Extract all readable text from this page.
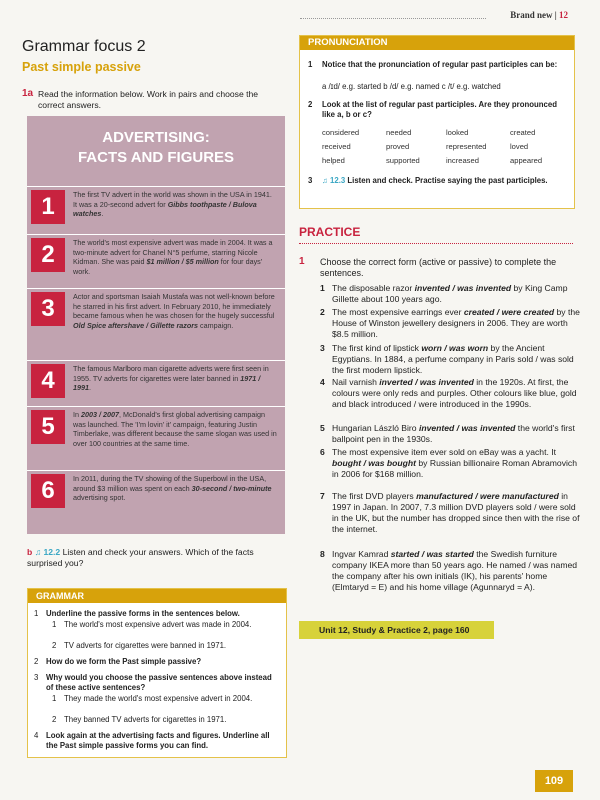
Brand new | 12
Grammar focus 2
Past simple passive
1a Read the information below. Work in pairs and choose the correct answers.
ADVERTISING:
FACTS AND FIGURES
1	The first TV advert in the world was shown in the USA in 1941. It was a 20-second advert for Gibbs toothpaste / Bulova watches.
2	The world's most expensive advert was made in 2004. It was a two-minute advert for Chanel N°5 perfume, starring Nicole Kidman. She was paid $1 million / $5 million for four days' work.
3	Actor and sportsman Isaiah Mustafa was not well-known before he starred in his first advert. In February 2010, he immediately became famous when he was chosen for the hugely successful Old Spice aftershave / Gillette razors campaign.
4	The famous Marlboro man cigarette adverts were first seen in 1955. TV adverts for cigarettes were later banned in 1971 / 1991.
5	In 2003 / 2007, McDonald's first global advertising campaign was launched. The 'I'm lovin' it' campaign, featuring Justin Timberlake, was different because the same slogan was used in over 100 countries at the same time.
6	In 2011, during the TV showing of the Superbowl in the USA, around $3 million was spent on each 30-second / two-minute advertising spot.
b ♫ 12.2 Listen and check your answers. Which of the facts surprised you?
GRAMMAR
1 Underline the passive forms in the sentences below.
1 The world's most expensive advert was made in 2004.
2 TV adverts for cigarettes were banned in 1971.
2 How do we form the Past simple passive?
3 Why would you choose the passive sentences above instead of these active sentences?
1 They made the world's most expensive advert in 2004.
2 They banned TV adverts for cigarettes in 1971.
4 Look again at the advertising facts and figures. Underline all the Past simple passive forms you can find.
PRONUNCIATION
1 Notice that the pronunciation of regular past participles can be:
a /ɪd/ e.g. started b /d/ e.g. named c /t/ e.g. watched
2 Look at the list of regular past participles. Are they pronounced like a, b or c?
considered	needed	looked	created
received	proved	represented	loved
helped	supported	increased	appeared
3 ♫ 12.3 Listen and check. Practise saying the past participles.
PRACTICE
1 Choose the correct form (active or passive) to complete the sentences.
1 The disposable razor invented / was invented by King Camp Gillette about 100 years ago.
2 The most expensive earrings ever created / were created by the House of Winston jewellery designers in 2006. They are worth $8.5 million.
3 The first kind of lipstick worn / was worn by the Ancient Egyptians. In 1884, a perfume company in Paris sold / was sold the first modern lipstick.
4 Nail varnish inverted / was invented in the 1920s. At first, the colours were only reds and purples. Other colours like blue, gold and black introduced / were introduced in the 1990s.
5 Hungarian László Biro invented / was invented the world's first ballpoint pen in the 1930s.
6 The most expensive item ever sold on eBay was a yacht. It bought / was bought by Russian billionaire Roman Abramovich in 2006 for $168 million.
7 The first DVD players manufactured / were manufactured in 1997 in Japan. In 2007, 7.3 million DVD players sold / were sold in the UK, but the number has dropped since then with the rise of the internet.
8 Ingvar Kamrad started / was started the Swedish furniture company IKEA more than 50 years ago. He named / was named the company after his own initials (IK), his parents' home (Elmtaryd = E) and his home village (Agunnaryd = A).
Unit 12, Study & Practice 2, page 160
109
